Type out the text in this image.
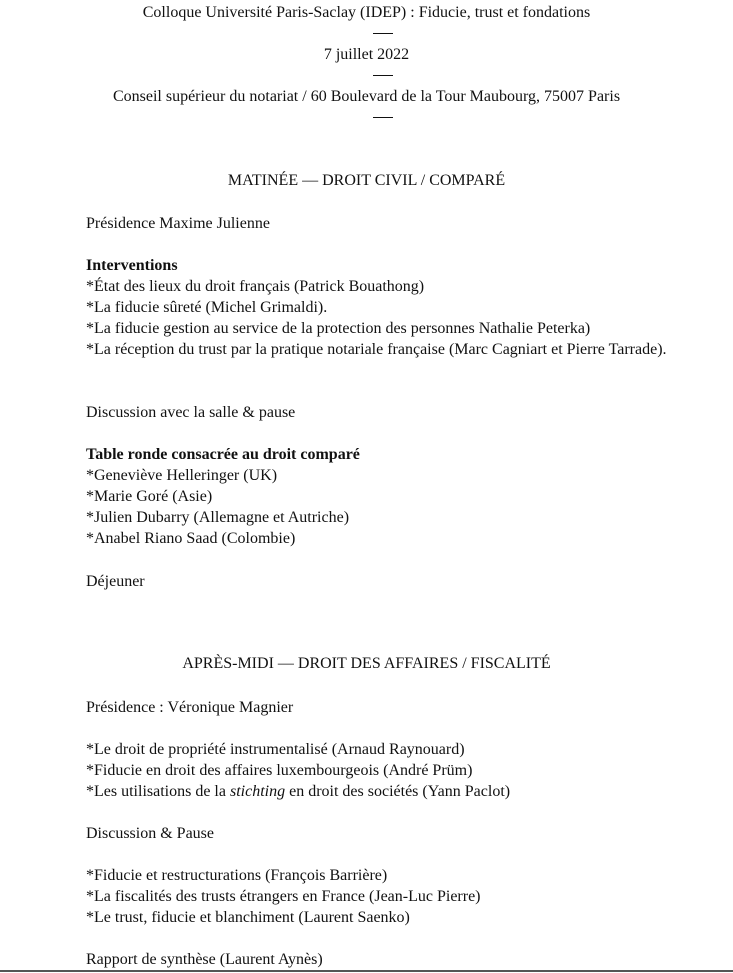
Colloque Université Paris-Saclay (IDEP) : Fiducie, trust et fondations
7 juillet 2022
Conseil supérieur du notariat / 60 Boulevard de la Tour Maubourg, 75007 Paris
MATINÉE — DROIT CIVIL / COMPARÉ
Présidence Maxime Julienne
Interventions
*État des lieux du droit français (Patrick Bouathong)
*La fiducie sûreté (Michel Grimaldi).
*La fiducie gestion au service de la protection des personnes Nathalie Peterka)
*La réception du trust par la pratique notariale française (Marc Cagniart et Pierre Tarrade).
Discussion avec la salle & pause
Table ronde consacrée au droit comparé
*Geneviève Helleringer (UK)
*Marie Goré (Asie)
*Julien Dubarry (Allemagne et Autriche)
*Anabel Riano Saad (Colombie)
Déjeuner
APRÈS-MIDI — DROIT DES AFFAIRES / FISCALITÉ
Présidence : Véronique Magnier
*Le droit de propriété instrumentalisé (Arnaud Raynouard)
*Fiducie en droit des affaires luxembourgeois (André Prüm)
*Les utilisations de la stichting en droit des sociétés (Yann Paclot)
Discussion & Pause
*Fiducie et restructurations (François Barrière)
*La fiscalités des trusts étrangers en France (Jean-Luc Pierre)
*Le trust, fiducie et blanchiment (Laurent Saenko)
Rapport de synthèse (Laurent Aynès)
